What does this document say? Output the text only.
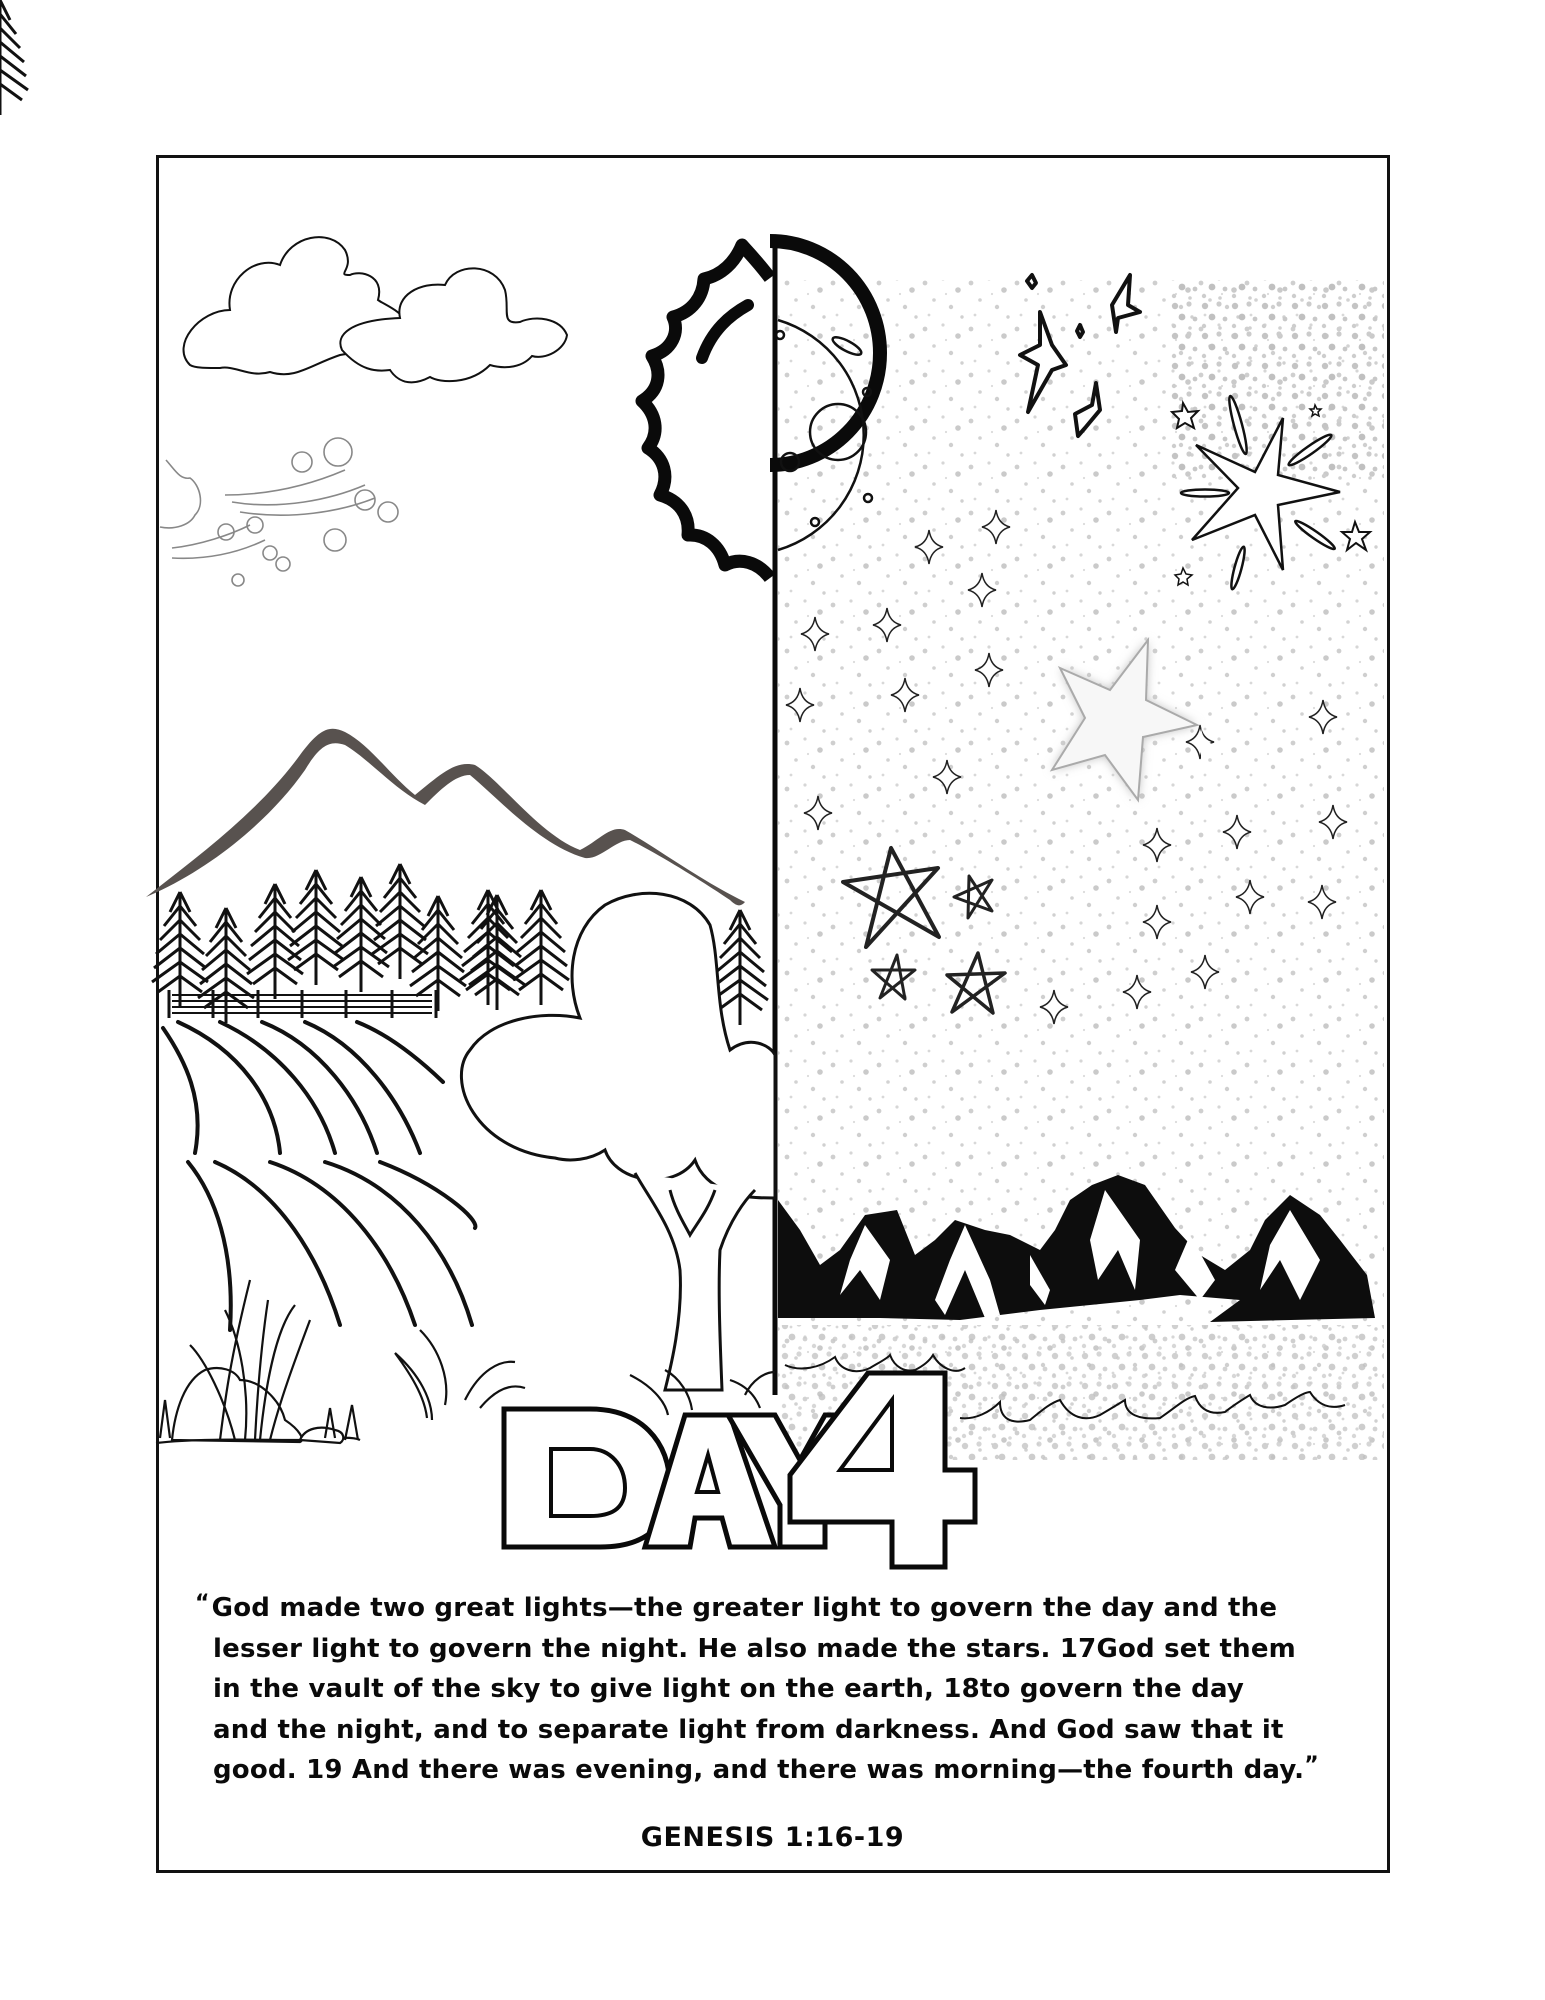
DAY
“God made two great lights—the greater light to govern the day and the
lesser light to govern the night. He also made the stars. 17God set them
in the vault of the sky to give light on the earth, 18to govern the day
and the night, and to separate light from darkness. And God saw that it
good. 19 And there was evening, and there was morning—the fourth day.”
GENESIS 1:16-19
